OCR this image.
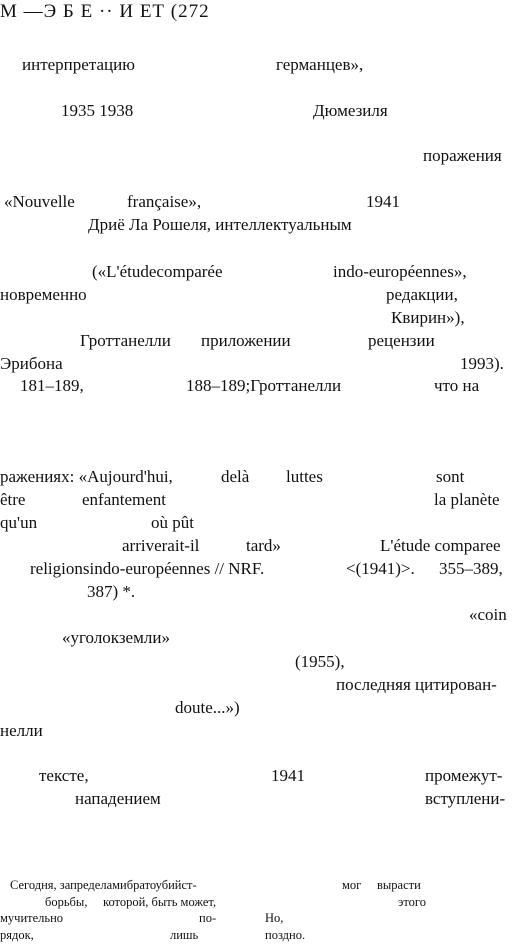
М —Э Б Е ·· И ЕТ (272
интерпретацию	германцев»,
1935 1938	Дюмезиля
поражения
«Nouvelle	française»,	1941
Дриё Ла Рошеля, интеллектуальным
(«L'étudecomparée	indo-européennes»,
новременно	редакции,
Квирин»),
Гроттанелли приложении	рецензии
Эрибона	1993).
181–189,	188–189;Гроттанелли	что на
ражениях: «Aujourd'hui,	delà luttes	sont
être	enfantement	la planète
qu'un	où pût
arriverait-il	tard»	L'étude comparee
religionsindo-européennes // NRF.	<(1941)>. 355–389,
387) *.
«coin
«уголокземли»
(1955),
последняя цитирован-
doute...»)
нелли
тексте,	1941	промежут-
нападением	вступлени-
Сегодня, запределамибратоубийст-	мог вырасти
борьбы, которой, быть может,	этого
мучительно	по-	Но,
рядок,	лишь	поздно.
